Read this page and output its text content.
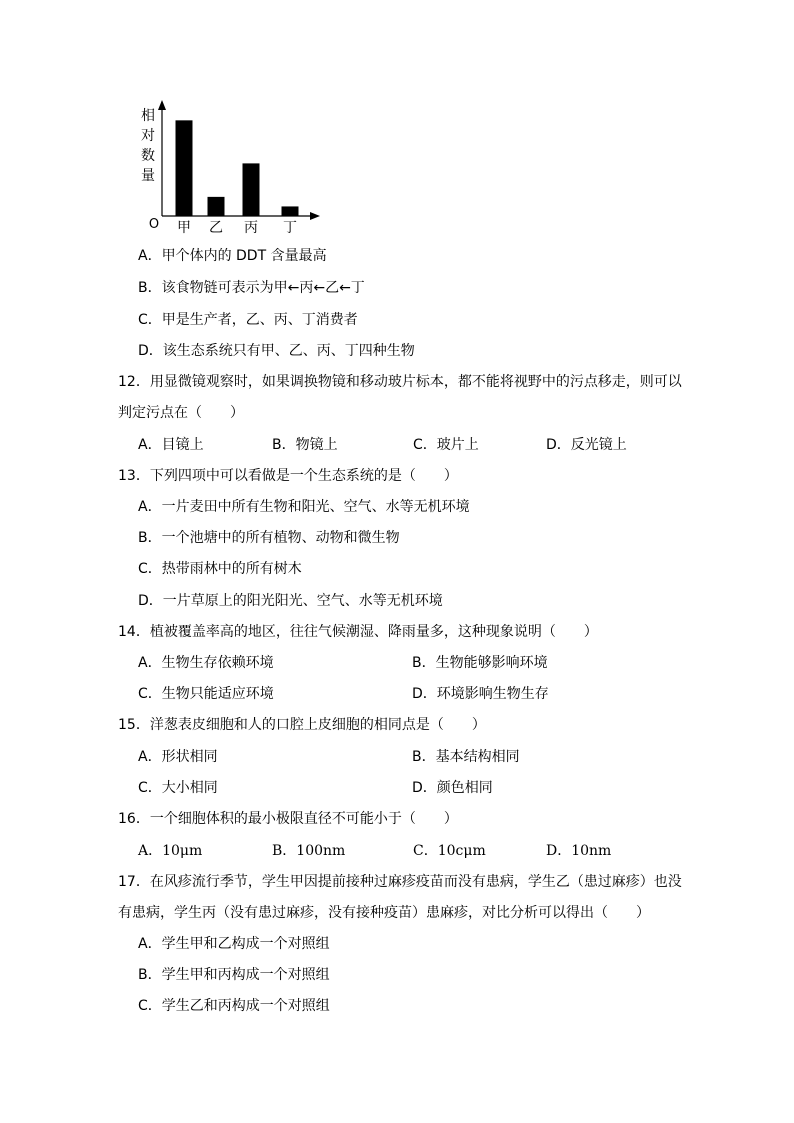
相
对
数
量
O 甲 乙 丙 丁
A．甲个体内的 DDT 含量最高
B．该食物链可表示为甲←丙←乙←丁
C．甲是生产者，乙、丙、丁消费者
D．该生态系统只有甲、乙、丙、丁四种生物
12．用显微镜观察时，如果调换物镜和移动玻片标本，都不能将视野中的污点移走，则可以
判定污点在（　　）
A．目镜上	B．物镜上	C．玻片上	D．反光镜上
13．下列四项中可以看做是一个生态系统的是（　　）
A．一片麦田中所有生物和阳光、空气、水等无机环境
B．一个池塘中的所有植物、动物和微生物
C．热带雨林中的所有树木
D．一片草原上的阳光阳光、空气、水等无机环境
14．植被覆盖率高的地区，往往气候潮湿、降雨量多，这种现象说明（　　）
A．生物生存依赖环境	B．生物能够影响环境
C．生物只能适应环境	D．环境影响生物生存
15．洋葱表皮细胞和人的口腔上皮细胞的相同点是（　　）
A．形状相同	B．基本结构相同
C．大小相同	D．颜色相同
16．一个细胞体积的最小极限直径不可能小于（　　）
A．10μm	B．100nm	C．10cμm	D．10nm
17．在风疹流行季节，学生甲因提前接种过麻疹疫苗而没有患病，学生乙（患过麻疹）也没
有患病，学生丙（没有患过麻疹，没有接种疫苗）患麻疹，对比分析可以得出（　　）
A．学生甲和乙构成一个对照组
B．学生甲和丙构成一个对照组
C．学生乙和丙构成一个对照组
